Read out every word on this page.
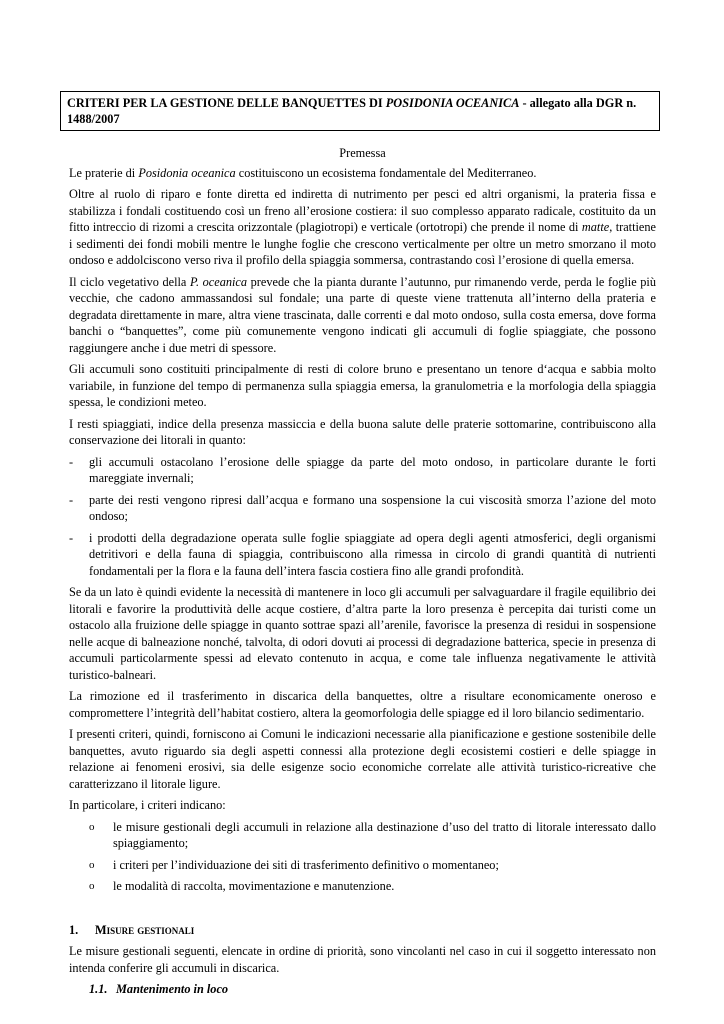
CRITERI PER LA GESTIONE DELLE BANQUETTES DI POSIDONIA OCEANICA - allegato alla DGR n. 1488/2007
Premessa

Le praterie di Posidonia oceanica costituiscono un ecosistema fondamentale del Mediterraneo.

Oltre al ruolo di riparo e fonte diretta ed indiretta di nutrimento per pesci ed altri organismi, la prateria fissa e stabilizza i fondali costituendo così un freno all’erosione costiera: il suo complesso apparato radicale, costituito da un fitto intreccio di rizomi a crescita orizzontale (plagiotropi) e verticale (ortotropi) che prende il nome di matte, trattiene i sedimenti dei fondi mobili mentre le lunghe foglie che crescono verticalmente per oltre un metro smorzano il moto ondoso e addolciscono verso riva il profilo della spiaggia sommersa, contrastando così l’erosione di quella emersa.

Il ciclo vegetativo della P. oceanica prevede che la pianta durante l’autunno, pur rimanendo verde, perda le foglie più vecchie, che cadono ammassandosi sul fondale; una parte di queste viene trattenuta all’interno della prateria e degradata direttamente in mare, altra viene trascinata, dalle correnti e dal moto ondoso, sulla costa emersa, dove forma banchi o “banquettes”, come più comunemente vengono indicati gli accumuli di foglie spiaggiate, che possono raggiungere anche i due metri di spessore.

Gli accumuli sono costituiti principalmente di resti di colore bruno e presentano un tenore d‘acqua e sabbia molto variabile, in funzione del tempo di permanenza sulla spiaggia emersa, la granulometria e la morfologia della spiaggia spessa, le condizioni meteo.

I resti spiaggiati, indice della presenza massiccia e della buona salute delle praterie sottomarine, contribuiscono alla conservazione dei litorali in quanto:

- gli accumuli ostacolano l’erosione delle spiagge da parte del moto ondoso, in particolare durante le forti mareggiate invernali;
- parte dei resti vengono ripresi dall’acqua e formano una sospensione la cui viscosità smorza l’azione del moto ondoso;
- i prodotti della degradazione operata sulle foglie spiaggiate ad opera degli agenti atmosferici, degli organismi detritivori e della fauna di spiaggia, contribuiscono alla rimessa in circolo di grandi quantità di nutrienti fondamentali per la flora e la fauna dell’intera fascia costiera fino alle grandi profondità.

Se da un lato è quindi evidente la necessità di mantenere in loco gli accumuli per salvaguardare il fragile equilibrio dei litorali e favorire la produttività delle acque costiere, d’altra parte la loro presenza è percepita dai turisti come un ostacolo alla fruizione delle spiagge in quanto sottrae spazi all’arenile, favorisce la presenza di residui in sospensione nelle acque di balneazione nonché, talvolta, di odori dovuti ai processi di degradazione batterica, specie in presenza di accumuli particolarmente spessi ad elevato contenuto in acqua, e come tale influenza negativamente le attività turistico-balneari.

La rimozione ed il trasferimento in discarica della banquettes, oltre a risultare economicamente oneroso e compromettere l’integrità dell’habitat costiero, altera la geomorfologia delle spiagge ed il loro bilancio sedimentario.

I presenti criteri, quindi, forniscono ai Comuni le indicazioni necessarie alla pianificazione e gestione sostenibile delle banquettes, avuto riguardo sia degli aspetti connessi alla protezione degli ecosistemi costieri e delle spiagge in relazione ai fenomeni erosivi, sia delle esigenze socio economiche correlate alle attività turistico-ricreative che caratterizzano il litorale ligure.

In particolare, i criteri indicano:

o le misure gestionali degli accumuli in relazione alla destinazione d’uso del tratto di litorale interessato dallo spiaggiamento;
o i criteri per l’individuazione dei siti di trasferimento definitivo o momentaneo;
o le modalità di raccolta, movimentazione e manutenzione.
1. Misure gestionali

Le misure gestionali seguenti, elencate in ordine di priorità, sono vincolanti nel caso in cui il soggetto interessato non intenda conferire gli accumuli in discarica.

1.1. Mantenimento in loco
